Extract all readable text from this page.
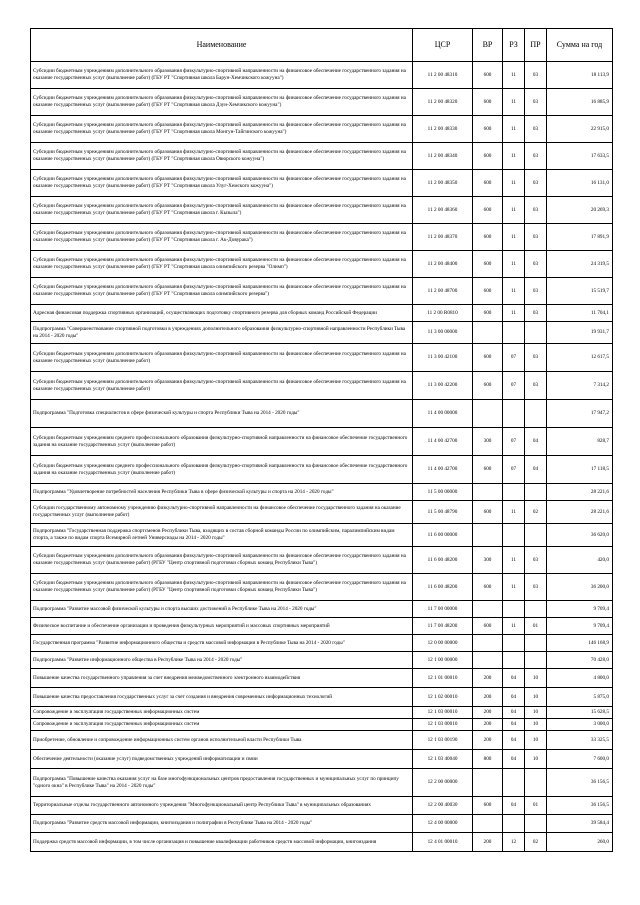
Наименование	ЦСР	ВР	РЗ	ПР	Сумма на год
Субсидии бюджетным учреждениям дополнительного образования физкультурно-спортивной направленности на финансовое обеспечение государственного задания на оказание государственных услуг (выполнение работ) (ГБУ РТ "Спортивная школа Барун-Хемчикского кожууна")	11 2 00 48310	600	11	03	18 113,9
Субсидии бюджетным учреждениям дополнительного образования физкультурно-спортивной направленности на финансовое обеспечение государственного задания на оказание государственных услуг (выполнение работ) (ГБУ РТ "Спортивная школа Дзун-Хемчикского кожууна")	11 2 00 48320	600	11	03	16 885,9
Субсидии бюджетным учреждениям дополнительного образования физкультурно-спортивной направленности на финансовое обеспечение государственного задания на оказание государственных услуг (выполнение работ) (ГБУ РТ "Спортивная школа Монгун-Тайгинского кожууна")	11 2 00 48330	600	11	03	22 915,0
Субсидии бюджетным учреждениям дополнительного образования физкультурно-спортивной направленности на финансовое обеспечение государственного задания на оказание государственных услуг (выполнение работ) (ГБУ РТ "Спортивная школа Овюрского кожууна")	11 2 00 48340	600	11	03	17 633,5
Субсидии бюджетным учреждениям дополнительного образования физкультурно-спортивной направленности на финансовое обеспечение государственного задания на оказание государственных услуг (выполнение работ) (ГБУ РТ "Спортивная школа Улуг-Хемского кожууна")	11 2 00 48350	600	11	03	16 131,0
Субсидии бюджетным учреждениям дополнительного образования физкультурно-спортивной направленности на финансовое обеспечение государственного задания на оказание государственных услуг (выполнение работ) (ГБУ РТ "Спортивная школа г. Кызыла")	11 2 00 48360	600	11	03	20 269,3
Субсидии бюджетным учреждениям дополнительного образования физкультурно-спортивной направленности на финансовое обеспечение государственного задания на оказание государственных услуг (выполнение работ) (ГБУ РТ "Спортивная школа г. Ак-Довурака")	11 2 00 48370	600	11	03	17 891,9
Субсидии бюджетным учреждениям дополнительного образования физкультурно-спортивной направленности на финансовое обеспечение государственного задания на оказание государственных услуг (выполнение работ) (ГБУ РТ "Спортивная школа олимпийского резерва "Олимп")	11 2 00 48400	600	11	03	24 319,5
Субсидии бюджетным учреждениям дополнительного образования физкультурно-спортивной направленности на финансовое обеспечение государственного задания на оказание государственных услуг (выполнение работ) (ГБУ РТ "Спортивная школа олимпийского резерва")	11 2 00 48700	600	11	03	15 519,7
Адресная финансовая поддержка спортивных организаций, осуществляющих подготовку спортивного резерва для сборных команд Российской Федерации	11 2 00 R0810	600	11	03	11 704,1
Подпрограмма "Совершенствование спортивной подготовки в учреждениях дополнительного образования физкультурно-спортивной направленности Республики Тыва на 2014 - 2020 годы"	11 3 00 00000				19 931,7
Субсидии бюджетным учреждениям дополнительного образования физкультурно-спортивной направленности на финансовое обеспечение государственного задания на оказание государственных услуг (выполнение работ)	11 3 00 42100	600	07	03	12 617,5
Субсидии бюджетным учреждениям дополнительного образования физкультурно-спортивной направленности на финансовое обеспечение государственного задания на оказание государственных услуг (выполнение работ)	11 3 00 42200	600	07	03	7 314,2
Подпрограмма "Подготовка специалистов в сфере физической культуры и спорта Республики Тыва на 2014 - 2020 годы"	11 4 00 00000				17 947,2
Субсидии бюджетным учреждениям среднего профессионального образования физкультурно-спортивной направленности на финансовое обеспечение государственного задания на оказание государственных услуг (выполнение работ)	11 4 00 42700	300	07	04	828,7
Субсидии бюджетным учреждениям среднего профессионального образования физкультурно-спортивной направленности на финансовое обеспечение государственного задания на оказание государственных услуг (выполнение работ)	11 4 00 42700	600	07	04	17 118,5
Подпрограмма "Удовлетворение потребностей населения Республики Тыва в сфере физической культуры и спорта на 2014 - 2020 годы"	11 5 00 00000				28 221,6
Субсидии государственному автономному учреждению физкультурно-спортивной направленности на финансовое обеспечение государственного задания на оказание государственных услуг (выполнение работ)	11 5 00 48790	600	11	02	28 221,6
Подпрограмма "Государственная поддержка спортсменов Республики Тыва, входящих в состав сборной команды России по олимпийским, паралимпийским видам спорта, а также по видам спорта Всемирной летней Универсиады на 2014 - 2020 годы"	11 6 00 00000				36 620,0
Субсидии бюджетным учреждениям дополнительного образования физкультурно-спортивной направленности на финансовое обеспечение государственного задания на оказание государственных услуг (выполнение работ) (РГБУ "Центр спортивной подготовки сборных команд Республики Тыва")	11 6 00 48200	300	11	03	420,0
Субсидии бюджетным учреждениям дополнительного образования физкультурно-спортивной направленности на финансовое обеспечение государственного задания на оказание государственных услуг (выполнение работ) (РГБУ "Центр спортивной подготовки сборных команд Республики Тыва")	11 6 00 48200	600	11	03	36 200,0
Подпрограмма "Развитие массовой физической культуры и спорта высших достижений в Республике Тыва на 2014 - 2020 годы"	11 7 00 00000				9 709,4
Физическое воспитание и обеспечение организации и проведения физкультурных мероприятий и массовых спортивных мероприятий	11 7 00 48200	600	11	01	9 709,4
Государственная программа "Развитие информационного общества и средств массовой информации в Республике Тыва на 2014 - 2020 годы"	12 0 00 00000				146 168,9
Подпрограмма "Развитие информационного общества в Республике Тыва на 2014 - 2020 годы"	12 1 00 00000				70 428,0
Повышение качества государственного управления за счет внедрения межведомственного электронного взаимодействия	12 1 01 00010	200	04	10	4 800,0
Повышение качества предоставления государственных услуг за счет создания и внедрения современных информационных технологий	12 1 02 00010	200	04	10	5 875,0
Сопровождение и эксплуатация государственных информационных систем	12 1 03 00010	200	04	10	15 628,5
Сопровождение и эксплуатация государственных информационных систем	12 1 03 00010	200	04	10	3 000,0
Приобретение, обновление и сопровождение информационных систем органов исполнительной власти Республики Тыва	12 1 03 00190	200	04	10	33 325,5
Обеспечение деятельности (оказание услуг) подведомственных учреждений информатизации и связи	12 1 03 40040	800	04	10	7 600,0
Подпрограмма "Повышение качества оказания услуг на базе многофункциональных центров предоставления государственных и муниципальных услуг по принципу "одного окна" в Республике Тыва" на 2014 - 2020 годы"	12 2 00 00000				36 156,5
Территориальные отделы государственного автономного учреждения "Многофункциональный центр Республики Тыва" в муниципальных образованиях	12 2 00 40030	600	04	01	36 156,5
Подпрограмма "Развитие средств массовой информации, книгоиздания и полиграфии в Республике Тыва на 2014 - 2020 годы"	12 4 00 00000				39 584,4
Поддержка средств массовой информации, в том числе организация и повышение квалификации работников средств массовой информации, книгоиздания	12 4 01 00010	200	12	02	260,0
